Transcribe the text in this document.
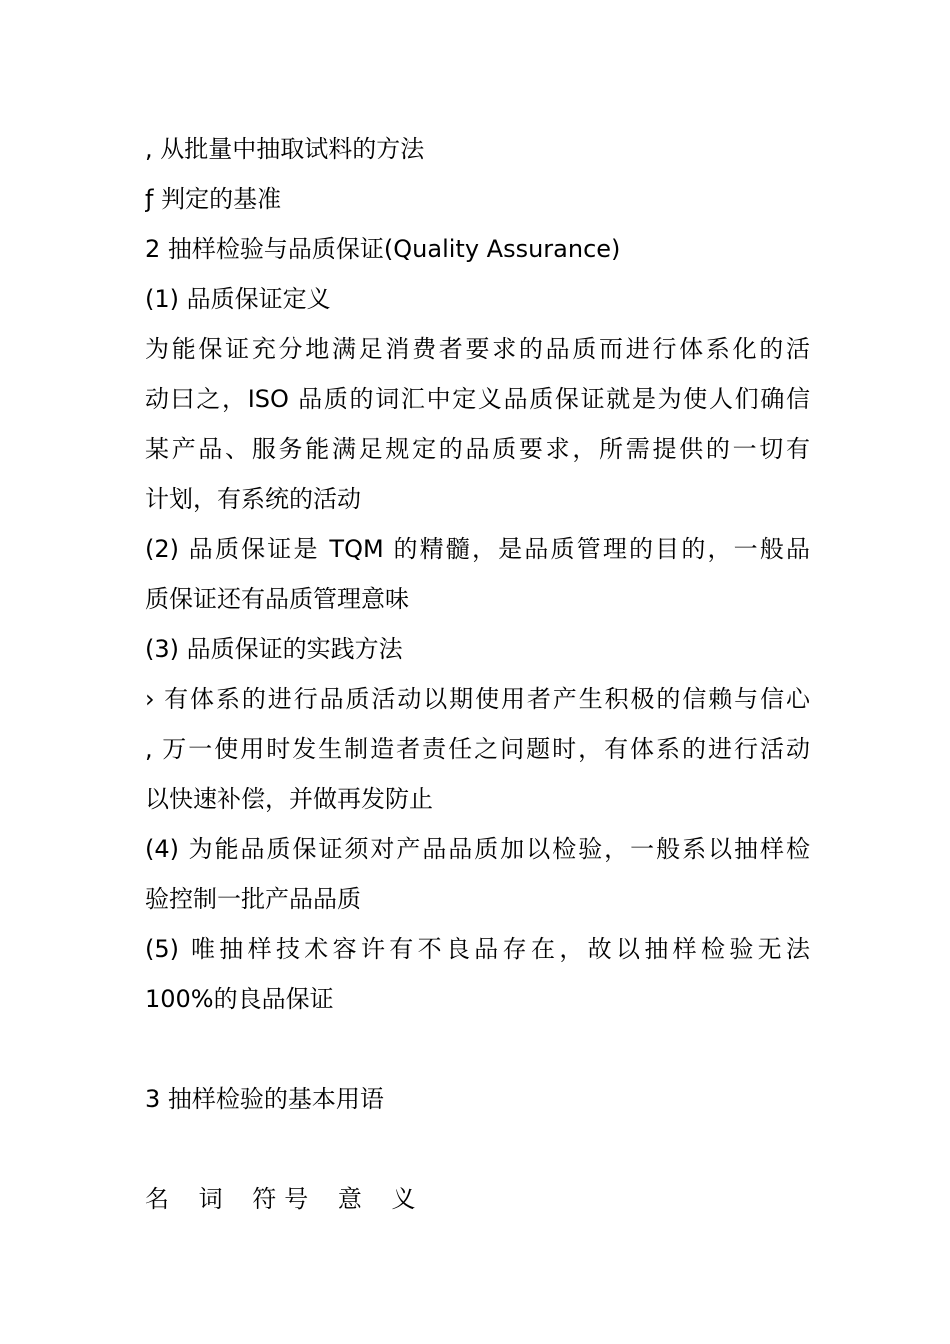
, 从批量中抽取试料的方法
ƒ 判定的基准
2 抽样检验与品质保证(Quality Assurance)
(1) 品质保证定义
为能保证充分地满足消费者要求的品质而进行体系化的活
动曰之，ISO 品质的词汇中定义品质保证就是为使人们确信
某产品、服务能满足规定的品质要求，所需提供的一切有
计划，有系统的活动
(2) 品质保证是 TQM 的精髓，是品质管理的目的，一般品
质保证还有品质管理意味
(3) 品质保证的实践方法
› 有体系的进行品质活动以期使用者产生积极的信赖与信心
, 万一使用时发生制造者责任之问题时，有体系的进行活动
以快速补偿，并做再发防止
(4) 为能品质保证须对产品品质加以检验，一般系以抽样检
验控制一批产品品质
(5) 唯抽样技术容许有不良品存在，故以抽样检验无法
100%的良品保证
3 抽样检验的基本用语
名 词 符号 意 义
